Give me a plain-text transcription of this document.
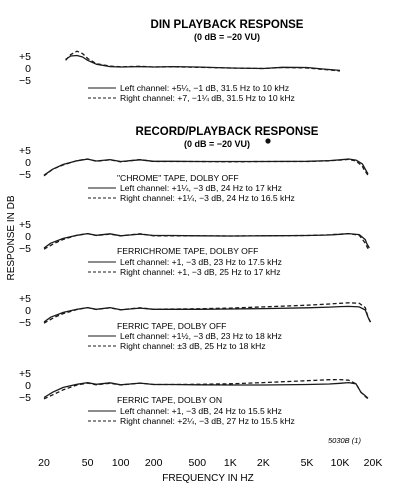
DIN PLAYBACK RESPONSE
(0 dB = −20 VU)
RECORD/PLAYBACK RESPONSE
(0 dB = −20 VU)
RESPONSE IN DB
+5
0
−5
Left channel: +5¼, −1 dB, 31.5 Hz to 10 kHz
Right channel: +7, −1¼ dB, 31.5 Hz to 10 kHz
+5
0
−5	"CHROME" TAPE, DOLBY OFF
Left channel: +1¼, −3 dB, 24 Hz to 17 kHz
Right channel: +1¼, −3 dB, 24 Hz to 16.5 kHz
+5
0
−5	FERRICHROME TAPE, DOLBY OFF
Left channel: +1, −3 dB, 23 Hz to 17.5 kHz
Right channel: +1, −3 dB, 25 Hz to 17 kHz
+5
0
−5	FERRIC TAPE, DOLBY OFF
Left channel: +1½, −3 dB, 23 Hz to 18 kHz
Right channel: ±3 dB, 25 Hz to 18 kHz
+5
0
−5	FERRIC TAPE, DOLBY ON
Left channel: +1, −3 dB, 24 Hz to 15.5 kHz
Right channel: +2¼, −3 dB, 27 Hz to 15.5 kHz
20	50 100 200 500 1K 2K	5K 10K 20K
FREQUENCY IN HZ
5030B (1)
